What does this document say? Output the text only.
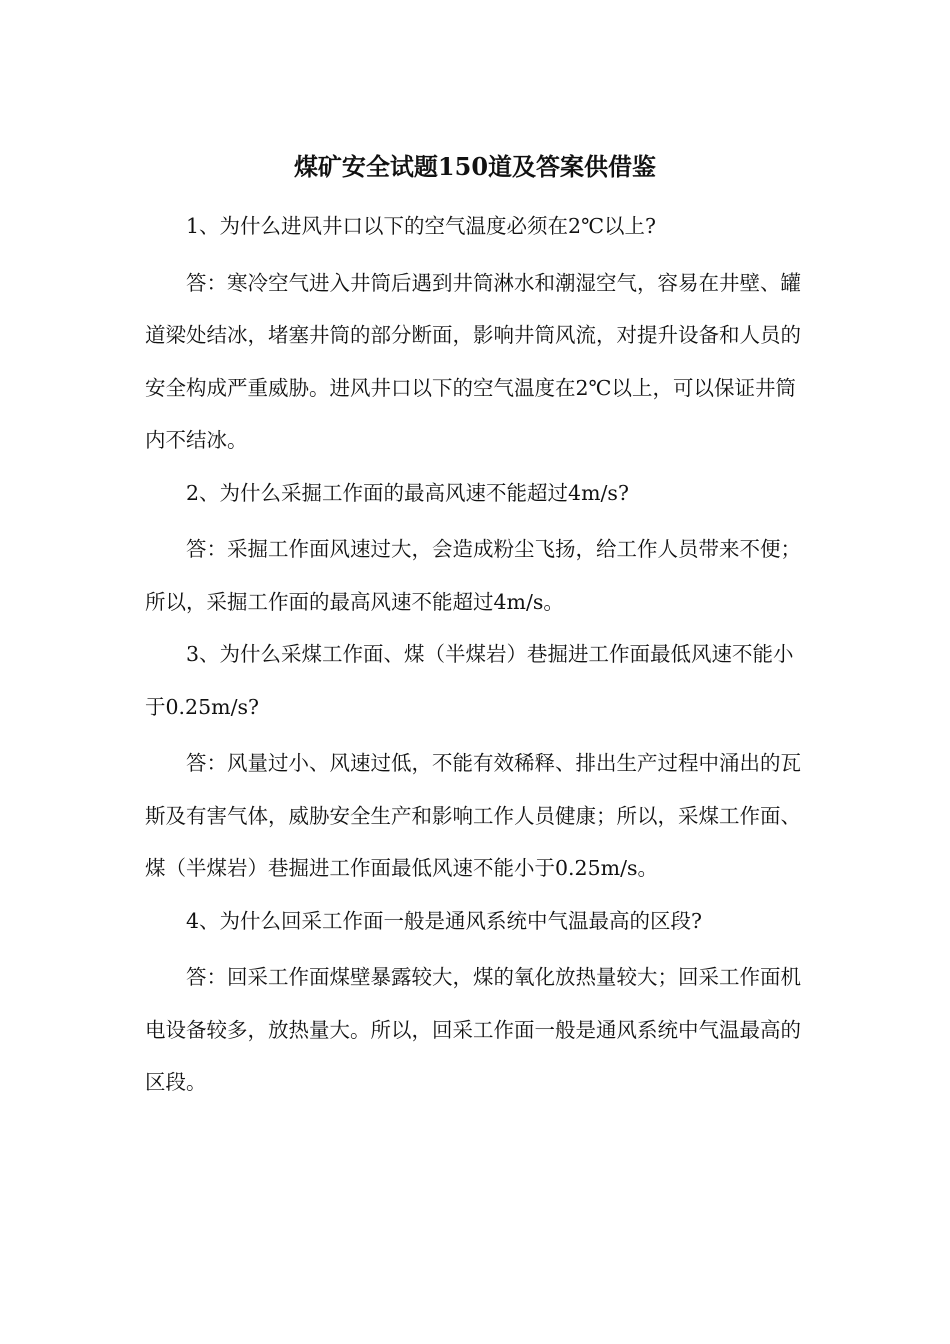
煤矿安全试题150道及答案供借鉴

1、为什么进风井口以下的空气温度必须在2℃以上?

答：寒冷空气进入井筒后遇到井筒淋水和潮湿空气，容易在井壁、罐道梁处结冰，堵塞井筒的部分断面，影响井筒风流，对提升设备和人员的安全构成严重威胁。进风井口以下的空气温度在2℃以上，可以保证井筒内不结冰。

2、为什么采掘工作面的最高风速不能超过4m/s?

答：采掘工作面风速过大，会造成粉尘飞扬，给工作人员带来不便；所以，采掘工作面的最高风速不能超过4m/s。

3、为什么采煤工作面、煤（半煤岩）巷掘进工作面最低风速不能小于0.25m/s?

答：风量过小、风速过低，不能有效稀释、排出生产过程中涌出的瓦斯及有害气体，威胁安全生产和影响工作人员健康；所以，采煤工作面、煤（半煤岩）巷掘进工作面最低风速不能小于0.25m/s。

4、为什么回采工作面一般是通风系统中气温最高的区段?

答：回采工作面煤壁暴露较大，煤的氧化放热量较大；回采工作面机电设备较多，放热量大。所以，回采工作面一般是通风系统中气温最高的区段。
